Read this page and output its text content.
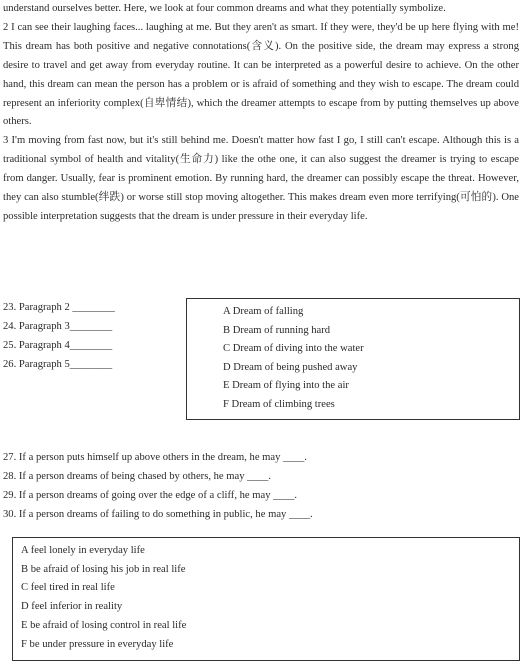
understand ourselves better. Here, we look at four common dreams and what they potentially symbolize.

2 I can see their laughing faces... laughing at me. But they aren't as smart. If they were, they'd be up here flying with me! This dream has both positive and negative connotations(含义). On the positive side, the dream may express a strong desire to travel and get away from everyday routine. It can be interpreted as a powerful desire to achieve. On the other hand, this dream can mean the person has a problem or is afraid of something and they wish to escape. The dream could represent an inferiority complex(自卑情结), which the dreamer attempts to escape from by putting themselves up above others.

3 I'm moving from fast now, but it's still behind me. Doesn't matter how fast I go, I still can't escape. Although this is a traditional symbol of health and vitality(生命力) like the othe one, it can also suggest the dreamer is trying to escape from danger. Usually, fear is prominent emotion. By running hard, the dreamer can possibly escape the threat. However, they can also stumble(绊跌) or worse still stop moving altogether. This makes dream even more terrifying(可怕的). One possible interpretation suggests that the dream is under pressure in their everyday life.

23. Paragraph 2 ________
24. Paragraph 3________
25. Paragraph 4________
26. Paragraph 5________
A Dream of falling
B Dream of running hard
C Dream of diving into the water
D Dream of being pushed away
E Dream of flying into the air
F Dream of climbing trees
27. If a person puts himself up above others in the dream, he may ____.
28. If a person dreams of being chased by others, he may ____.
29. If a person dreams of going over the edge of a cliff, he may ____.
30. If a person dreams of failing to do something in public, he may ____.
A feel lonely in everyday life
B be afraid of losing his job in real life
C feel tired in real life
D feel inferior in reality
E be afraid of losing control in real life
F be under pressure in everyday life
